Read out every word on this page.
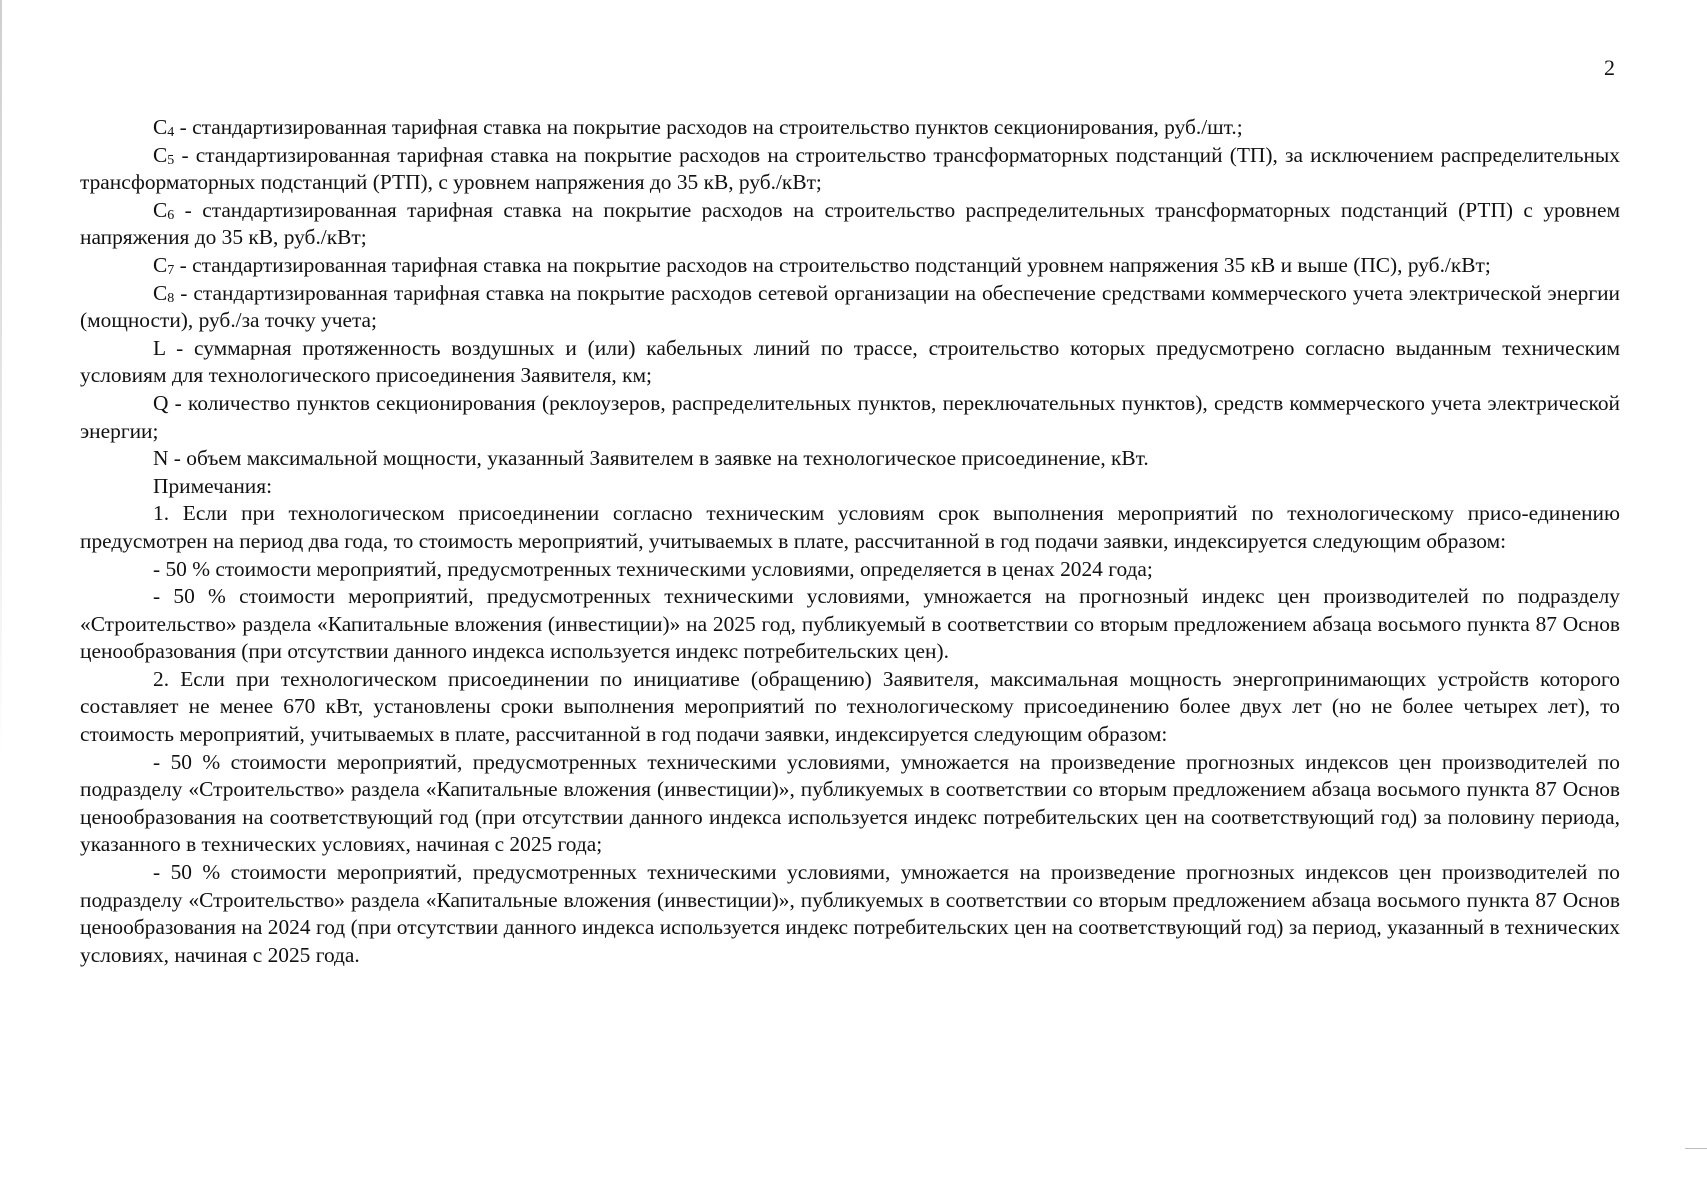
2

$C_4$ - стандартизированная тарифная ставка на покрытие расходов на строительство пунктов секционирования, руб./шт.;

$C_5$ - стандартизированная тарифная ставка на покрытие расходов на строительство трансформаторных подстанций (ТП), за исключением распределительных трансформаторных подстанций (РТП), с уровнем напряжения до 35 кВ, руб./кВт;

$C_6$ - стандартизированная тарифная ставка на покрытие расходов на строительство распределительных трансформаторных подстанций (РТП) с уровнем напряжения до 35 кВ, руб./кВт;

$C_7$ - стандартизированная тарифная ставка на покрытие расходов на строительство подстанций уровнем напряжения 35 кВ и выше (ПС), руб./кВт;

$C_8$ - стандартизированная тарифная ставка на покрытие расходов сетевой организации на обеспечение средствами коммерческого учета электрической энергии (мощности), руб./за точку учета;

L - суммарная протяженность воздушных и (или) кабельных линий по трассе, строительство которых предусмотрено согласно выданным техническим условиям для технологического присоединения Заявителя, км;

Q - количество пунктов секционирования (реклоузеров, распределительных пунктов, переключательных пунктов), средств коммерческого учета электрической энергии;

N - объем максимальной мощности, указанный Заявителем в заявке на технологическое присоединение, кВт.

Примечания:

1. Если при технологическом присоединении согласно техническим условиям срок выполнения мероприятий по технологическому присо-единению предусмотрен на период два года, то стоимость мероприятий, учитываемых в плате, рассчитанной в год подачи заявки, индексируется следующим образом:

- 50 % стоимости мероприятий, предусмотренных техническими условиями, определяется в ценах 2024 года;

- 50 % стоимости мероприятий, предусмотренных техническими условиями, умножается на прогнозный индекс цен производителей по подразделу «Строительство» раздела «Капитальные вложения (инвестиции)» на 2025 год, публикуемый в соответствии со вторым предложением абзаца восьмого пункта 87 Основ ценообразования (при отсутствии данного индекса используется индекс потребительских цен).

2. Если при технологическом присоединении по инициативе (обращению) Заявителя, максимальная мощность энергопринимающих устройств которого составляет не менее 670 кВт, установлены сроки выполнения мероприятий по технологическому присоединению более двух лет (но не более четырех лет), то стоимость мероприятий, учитываемых в плате, рассчитанной в год подачи заявки, индексируется следующим образом:

- 50 % стоимости мероприятий, предусмотренных техническими условиями, умножается на произведение прогнозных индексов цен производителей по подразделу «Строительство» раздела «Капитальные вложения (инвестиции)», публикуемых в соответствии со вторым предложением абзаца восьмого пункта 87 Основ ценообразования на соответствующий год (при отсутствии данного индекса используется индекс потребительских цен на соответствующий год) за половину периода, указанного в технических условиях, начиная с 2025 года;

- 50 % стоимости мероприятий, предусмотренных техническими условиями, умножается на произведение прогнозных индексов цен производителей по подразделу «Строительство» раздела «Капитальные вложения (инвестиции)», публикуемых в соответствии со вторым предложением абзаца восьмого пункта 87 Основ ценообразования на 2024 год (при отсутствии данного индекса используется индекс потребительских цен на соответствующий год) за период, указанный в технических условиях, начиная с 2025 года.
